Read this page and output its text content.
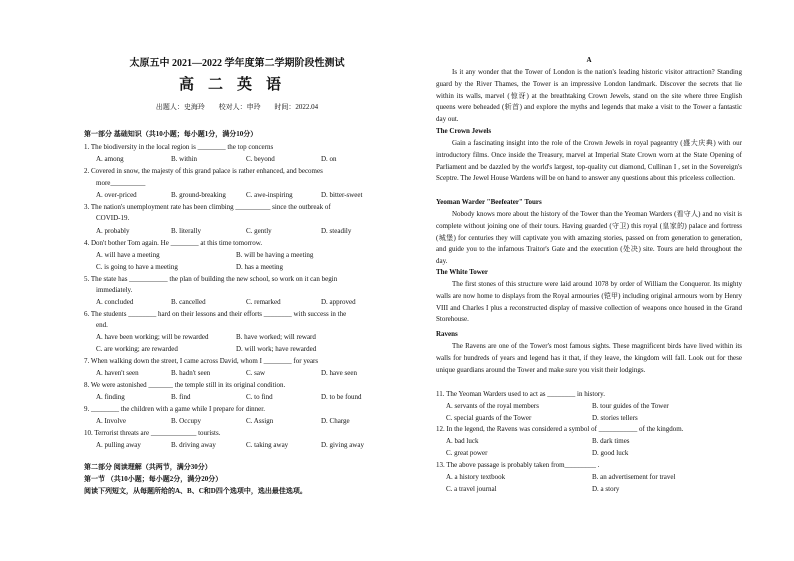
太原五中 2021—2022 学年度第二学期阶段性测试
高二英语
出题人：史海玲 校对人：申玲 时间：2022.04
第一部分 基础知识（共10小题；每小题1分，满分10分）
1. The biodiversity in the local region is ________ the top concerns
A. among	B. within	C. beyond	D. on
2. Covered in snow, the majesty of this grand palace is rather enhanced, and becomes
more__________
A. over-priced	B. ground-breaking	C. awe-inspiring	D. bitter-sweet
3. The nation's unemployment rate has been climbing __________ since the outbreak of
COVID-19.
A. probably	B. literally	C. gently	D. steadily
4. Don't bother Tom again. He ________ at this time tomorrow.
A. will have a meeting	B. will be having a meeting
C. is going to have a meeting	D. has a meeting
5. The state has ___________ the plan of building the new school, so work on it can begin
immediately.
A. concluded	B. cancelled	C. remarked	D. approved
6. The students ________ hard on their lessons and their efforts ________ with success in the
end.
A. have been working; will be rewarded	B. have worked; will reward
C. are working; are rewarded	D. will work; have rewarded
7. When walking down the street, I came across David, whom I ________ for years
A. haven't seen	B. hadn't seen	C. saw	D. have seen
8. We were astonished _______ the temple still in its original condition.
A. finding	B. find	C. to find	D. to be found
9. ________ the children with a game while I prepare for dinner.
A. Involve	B. Occupy	C. Assign	D. Charge
10. Terrorist threats are _____________ tourists.
A. pulling away	B. driving away	C. taking away	D. giving away
第二部分 阅读理解（共两节，满分30分）
第一节 （共10小题；每小题2分，满分20分）
阅读下列短文，从每题所给的A、B、C和D四个选项中，选出最佳选项。
A
Is it any wonder that the Tower of London is the nation's leading historic visitor attraction? Standing guard by the River Thames, the Tower is an impressive London landmark. Discover the secrets that lie within its walls, marvel (惊讶) at the breathtaking Crown Jewels, stand on the site where three English queens were beheaded (斩首) and explore the myths and legends that make a visit to the Tower a fantastic day out.
The Crown Jewels
Gain a fascinating insight into the role of the Crown Jewels in royal pageantry (盛大庆典) with our introductory films. Once inside the Treasury, marvel at Imperial State Crown worn at the State Opening of Parliament and be dazzled by the world's largest, top-quality cut diamond, Cullinan I , set in the Sovereign's Sceptre. The Jewel House Wardens will be on hand to answer any questions about this priceless collection.
Yeoman Warder "Beefeater" Tours
Nobody knows more about the history of the Tower than the Yeoman Warders (看守人) and no visit is complete without joining one of their tours. Having guarded (守卫) this royal (皇家的) palace and fortress (城堡) for centuries they will captivate you with amazing stories, passed on from generation to generation, and guide you to the infamous Traitor's Gate and the execution (处决) site. Tours are held throughout the day.
The White Tower
The first stones of this structure were laid around 1078 by order of William the Conqueror. Its mighty walls are now home to displays from the Royal armouries (铠甲) including original armours worn by Henry VIII and Charles I plus a reconstructed display of massive collection of weapons once housed in the Grand Storehouse.
Ravens
The Ravens are one of the Tower's most famous sights. These magnificent birds have lived within its walls for hundreds of years and legend has it that, if they leave, the kingdom will fall. Look out for these unique guardians around the Tower and make sure you visit their lodgings.
11. The Yeoman Warders used to act as ________ in history.
A. servants of the royal members	B. tour guides of the Tower
C. special guards of the Tower	D. stories tellers
12. In the legend, the Ravens was considered a symbol of ___________ of the kingdom.
A. bad luck	B. dark times
C. great power	D. good luck
13. The above passage is probably taken from_________ .
A. a history textbook	B. an advertisement for travel
C. a travel journal	D. a story
